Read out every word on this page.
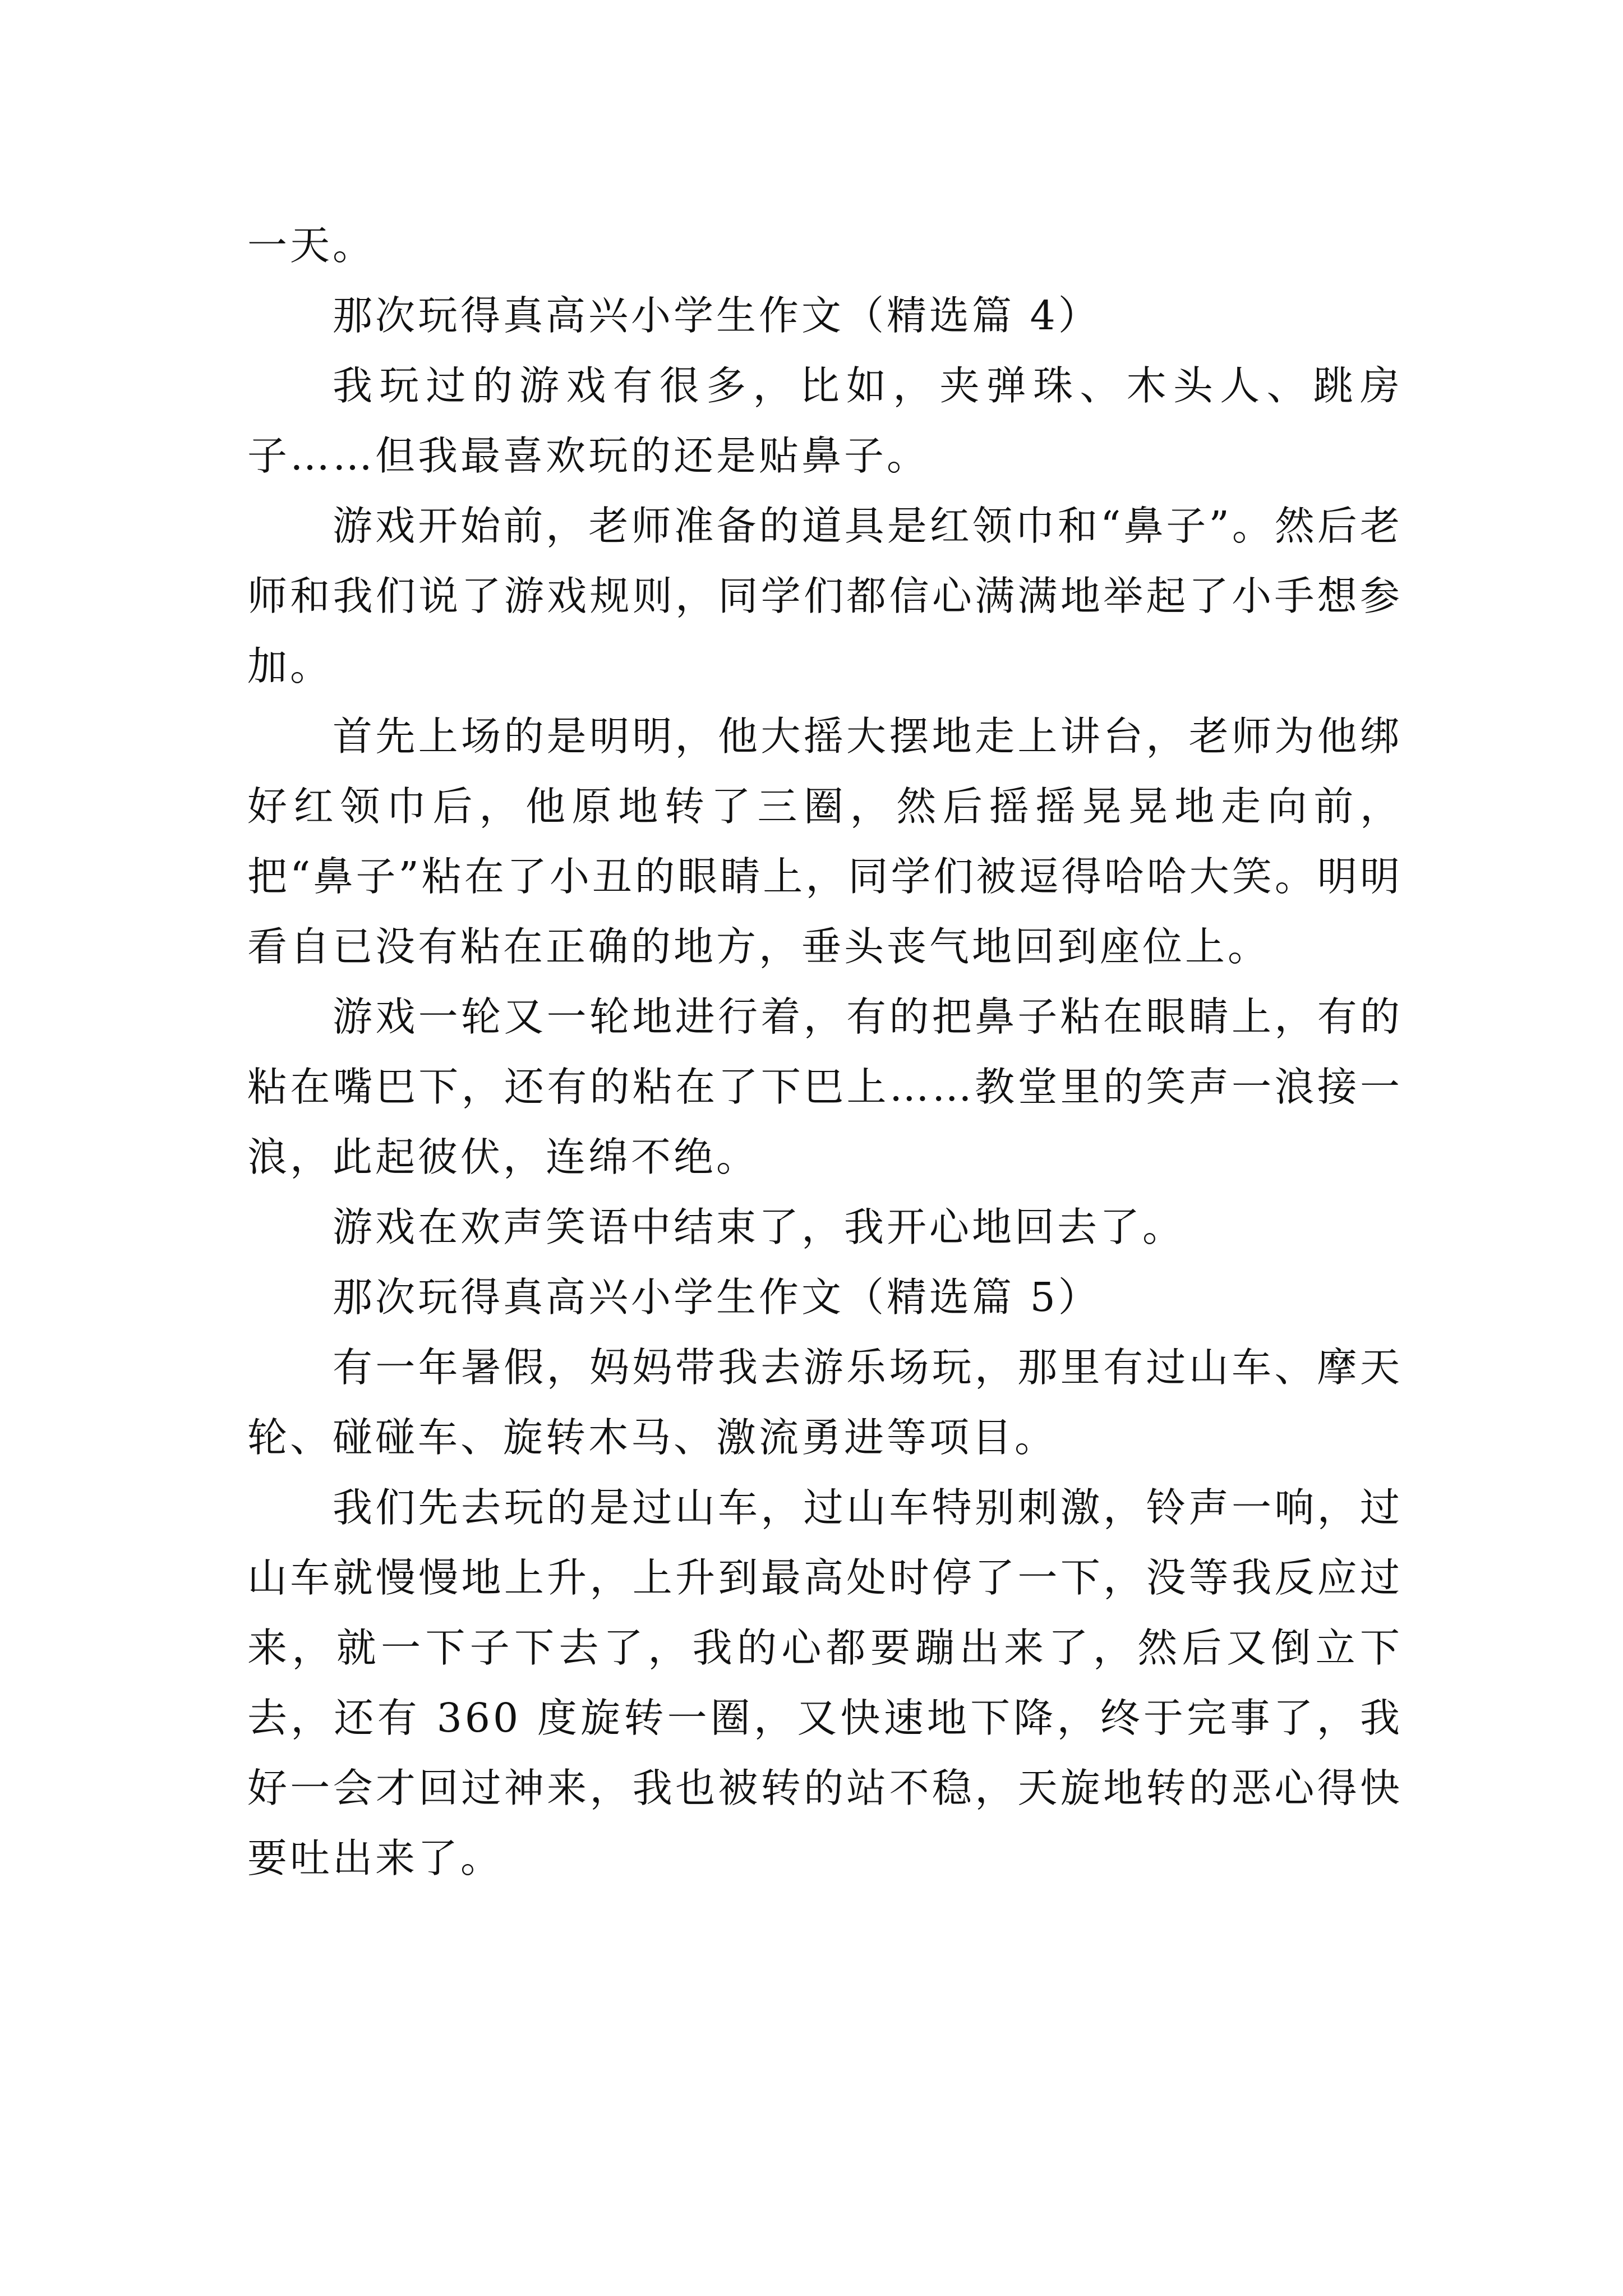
一天。

那次玩得真高兴小学生作文（精选篇 4）

我玩过的游戏有很多，比如，夹弹珠、木头人、跳房子……但我最喜欢玩的还是贴鼻子。

游戏开始前，老师准备的道具是红领巾和“鼻子”。然后老师和我们说了游戏规则，同学们都信心满满地举起了小手想参加。

首先上场的是明明，他大摇大摆地走上讲台，老师为他绑好红领巾后，他原地转了三圈，然后摇摇晃晃地走向前，把“鼻子”粘在了小丑的眼睛上，同学们被逗得哈哈大笑。明明看自已没有粘在正确的地方，垂头丧气地回到座位上。

游戏一轮又一轮地进行着，有的把鼻子粘在眼睛上，有的粘在嘴巴下，还有的粘在了下巴上……教堂里的笑声一浪接一浪，此起彼伏，连绵不绝。

游戏在欢声笑语中结束了，我开心地回去了。

那次玩得真高兴小学生作文（精选篇 5）

有一年暑假，妈妈带我去游乐场玩，那里有过山车、摩天轮、碰碰车、旋转木马、激流勇进等项目。

我们先去玩的是过山车，过山车特别刺激，铃声一响，过山车就慢慢地上升，上升到最高处时停了一下，没等我反应过来，就一下子下去了，我的心都要蹦出来了，然后又倒立下去，还有 360 度旋转一圈，又快速地下降，终于完事了，我好一会才回过神来，我也被转的站不稳，天旋地转的恶心得快要吐出来了。
